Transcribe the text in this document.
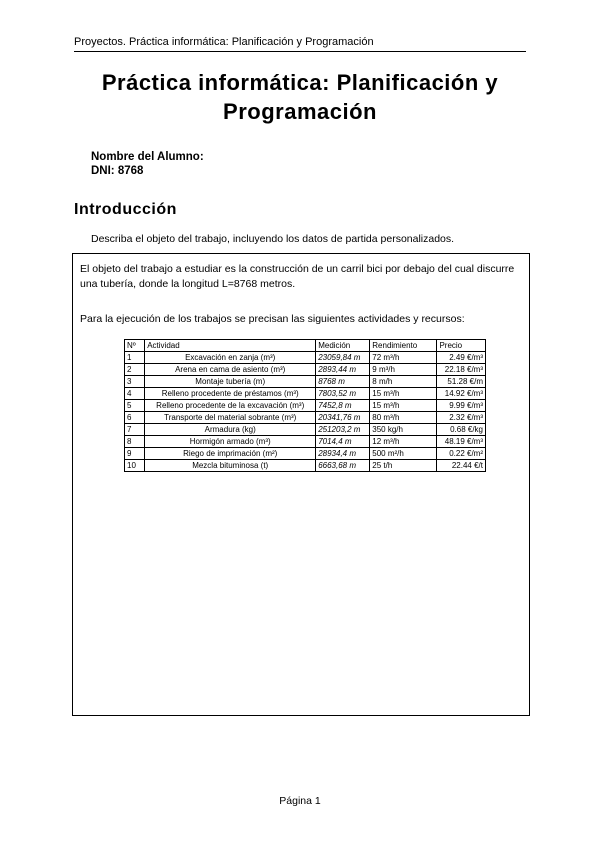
Proyectos. Práctica informática: Planificación y Programación
Práctica informática: Planificación y Programación
Nombre del Alumno:
DNI: 8768
Introducción
Describa el objeto del trabajo, incluyendo los datos de partida personalizados.

El objeto del trabajo a estudiar es la construcción de un carril bici por debajo del cual discurre una tubería, donde la longitud L=8768 metros.

Para la ejecución de los trabajos se precisan las siguientes actividades y recursos:

Nº	Actividad	Medición	Rendimiento	Precio
1	Excavación en zanja (m³)	23059,84 m	72 m³/h	2.49 €/m³
2	Arena en cama de asiento (m³)	2893,44 m	9 m³/h	22.18 €/m³
3	Montaje tubería (m)	8768 m	8 m/h	51.28 €/m
4	Relleno procedente de préstamos (m³)	7803,52 m	15 m³/h	14.92 €/m³
5	Relleno procedente de la excavación (m³)	7452,8 m	15 m³/h	9.99 €/m³
6	Transporte del material sobrante (m³)	20341,76 m	80 m³/h	2.32 €/m³
7	Armadura (kg)	251203,2 m	350 kg/h	0.68 €/kg
8	Hormigón armado (m³)	7014,4 m	12 m³/h	48.19 €/m³
9	Riego de imprimación (m²)	28934,4 m	500 m²/h	0.22 €/m²
10	Mezcla bituminosa (t)	6663,68 m	25 t/h	22.44 €/t
Página 1
